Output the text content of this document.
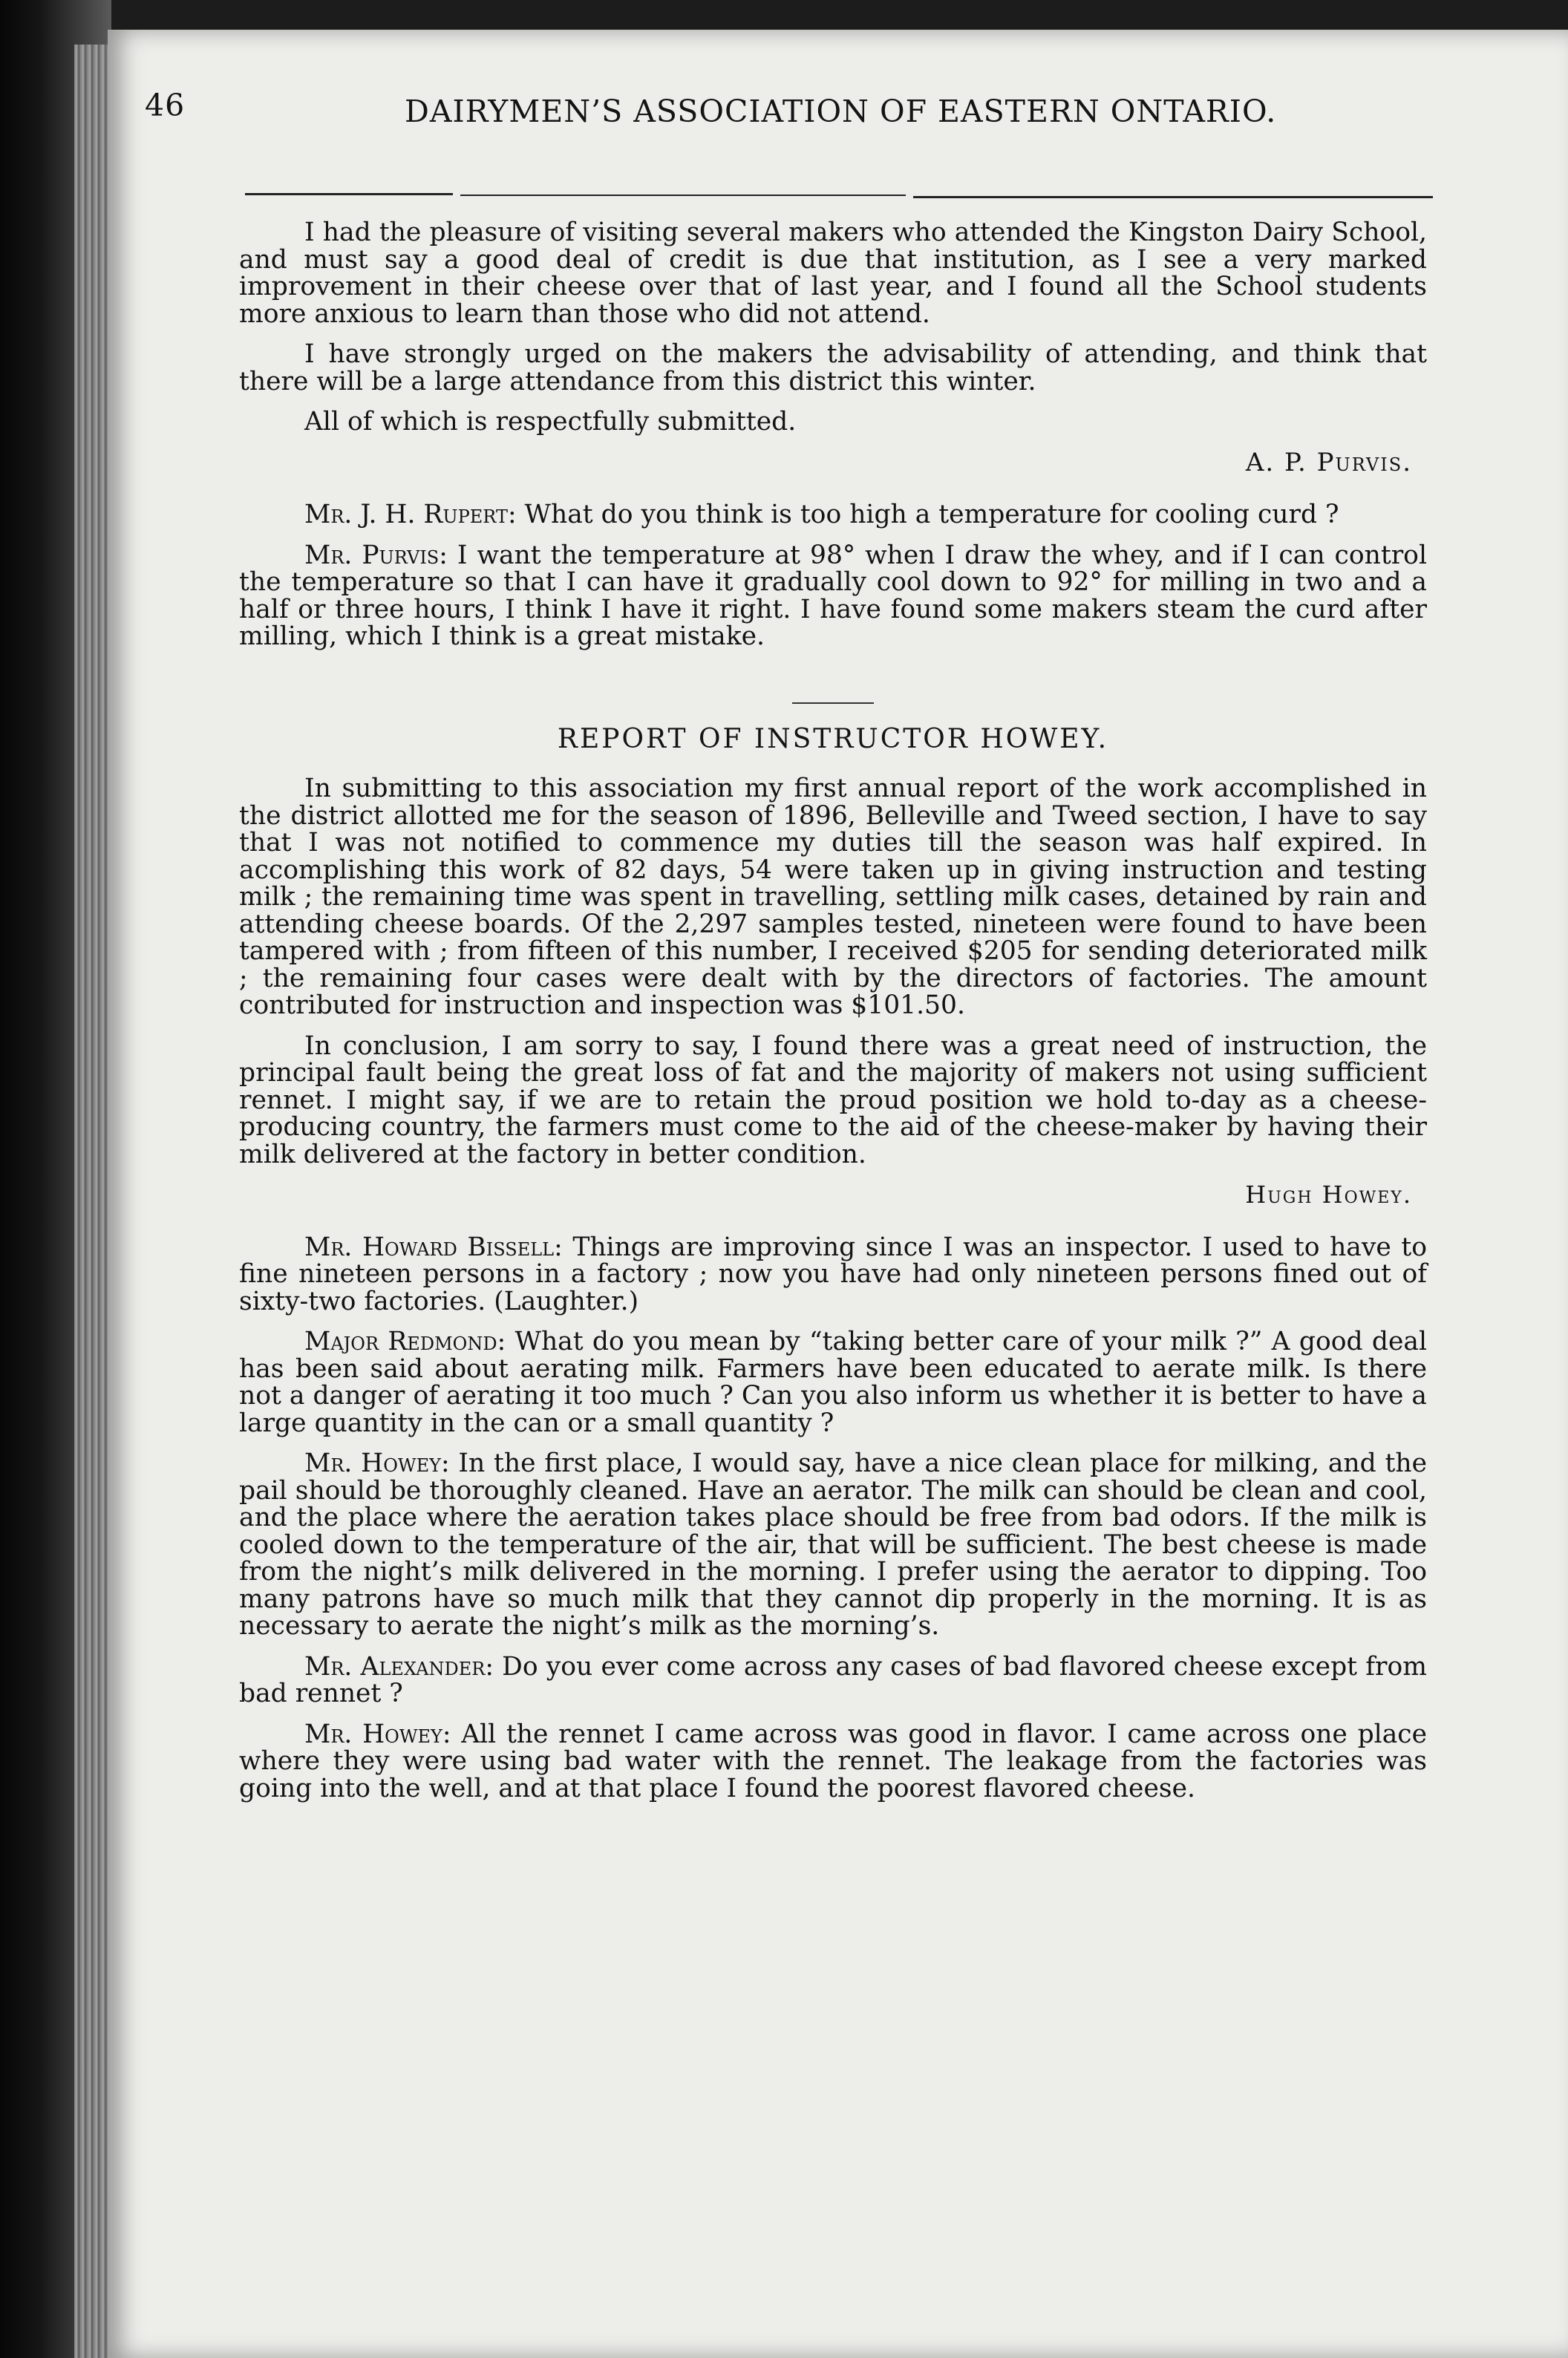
46	DAIRYMEN’S ASSOCIATION OF EASTERN ONTARIO.

I had the pleasure of visiting several makers who attended the Kingston Dairy School, and must say a good deal of credit is due that institution, as I see a very marked improvement in their cheese over that of last year, and I found all the School students more anxious to learn than those who did not attend.

I have strongly urged on the makers the advisability of attending, and think that there will be a large attendance from this district this winter.

All of which is respectfully submitted.

A. P. Purvis.

Mr. J. H. Rupert: What do you think is too high a temperature for cooling curd ?

Mr. Purvis: I want the temperature at 98° when I draw the whey, and if I can control the temperature so that I can have it gradually cool down to 92° for milling in two and a half or three hours, I think I have it right. I have found some makers steam the curd after milling, which I think is a great mistake.

REPORT OF INSTRUCTOR HOWEY.

In submitting to this association my first annual report of the work accomplished in the district allotted me for the season of 1896, Belleville and Tweed section, I have to say that I was not notified to commence my duties till the season was half expired. In accomplishing this work of 82 days, 54 were taken up in giving instruction and testing milk ; the remaining time was spent in travelling, settling milk cases, detained by rain and attending cheese boards. Of the 2,297 samples tested, nineteen were found to have been tampered with ; from fifteen of this number, I received $205 for sending deteriorated milk ; the remaining four cases were dealt with by the directors of factories. The amount contributed for instruction and inspection was $101.50.

In conclusion, I am sorry to say, I found there was a great need of instruction, the principal fault being the great loss of fat and the majority of makers not using sufficient rennet. I might say, if we are to retain the proud position we hold to-day as a cheese-producing country, the farmers must come to the aid of the cheese-maker by having their milk delivered at the factory in better condition.

Hugh Howey.

Mr. Howard Bissell: Things are improving since I was an inspector. I used to have to fine nineteen persons in a factory ; now you have had only nineteen persons fined out of sixty-two factories. (Laughter.)

Major Redmond: What do you mean by “taking better care of your milk ?” A good deal has been said about aerating milk. Farmers have been educated to aerate milk. Is there not a danger of aerating it too much ? Can you also inform us whether it is better to have a large quantity in the can or a small quantity ?

Mr. Howey: In the first place, I would say, have a nice clean place for milking, and the pail should be thoroughly cleaned. Have an aerator. The milk can should be clean and cool, and the place where the aeration takes place should be free from bad odors. If the milk is cooled down to the temperature of the air, that will be sufficient. The best cheese is made from the night’s milk delivered in the morning. I prefer using the aerator to dipping. Too many patrons have so much milk that they cannot dip properly in the morning. It is as necessary to aerate the night’s milk as the morning’s.

Mr. Alexander: Do you ever come across any cases of bad flavored cheese except from bad rennet ?

Mr. Howey: All the rennet I came across was good in flavor. I came across one place where they were using bad water with the rennet. The leakage from the factories was going into the well, and at that place I found the poorest flavored cheese.
